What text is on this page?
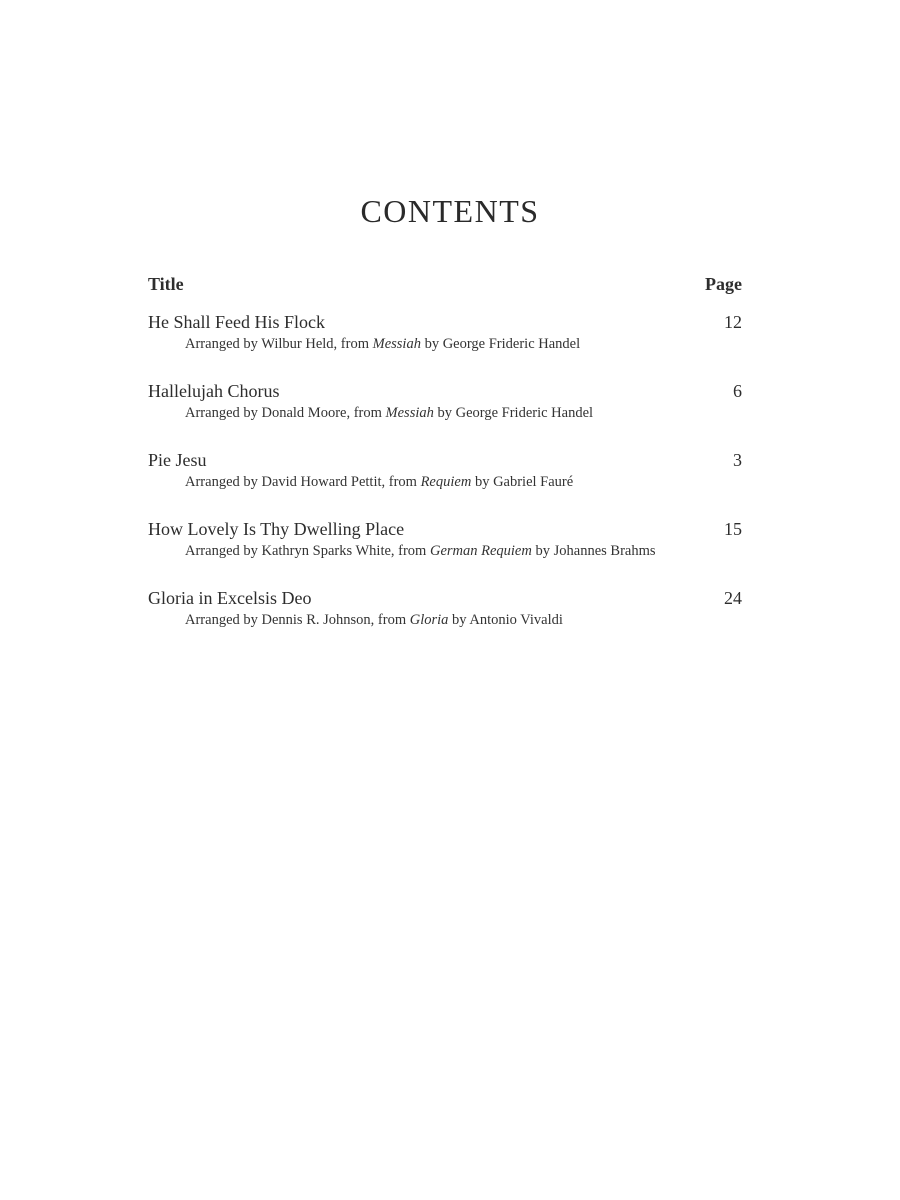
CONTENTS
Title	Page
He Shall Feed His Flock	12
Arranged by Wilbur Held, from Messiah by George Frideric Handel
Hallelujah Chorus	6
Arranged by Donald Moore, from Messiah by George Frideric Handel
Pie Jesu	3
Arranged by David Howard Pettit, from Requiem by Gabriel Fauré
How Lovely Is Thy Dwelling Place	15
Arranged by Kathryn Sparks White, from German Requiem by Johannes Brahms
Gloria in Excelsis Deo	24
Arranged by Dennis R. Johnson, from Gloria by Antonio Vivaldi
